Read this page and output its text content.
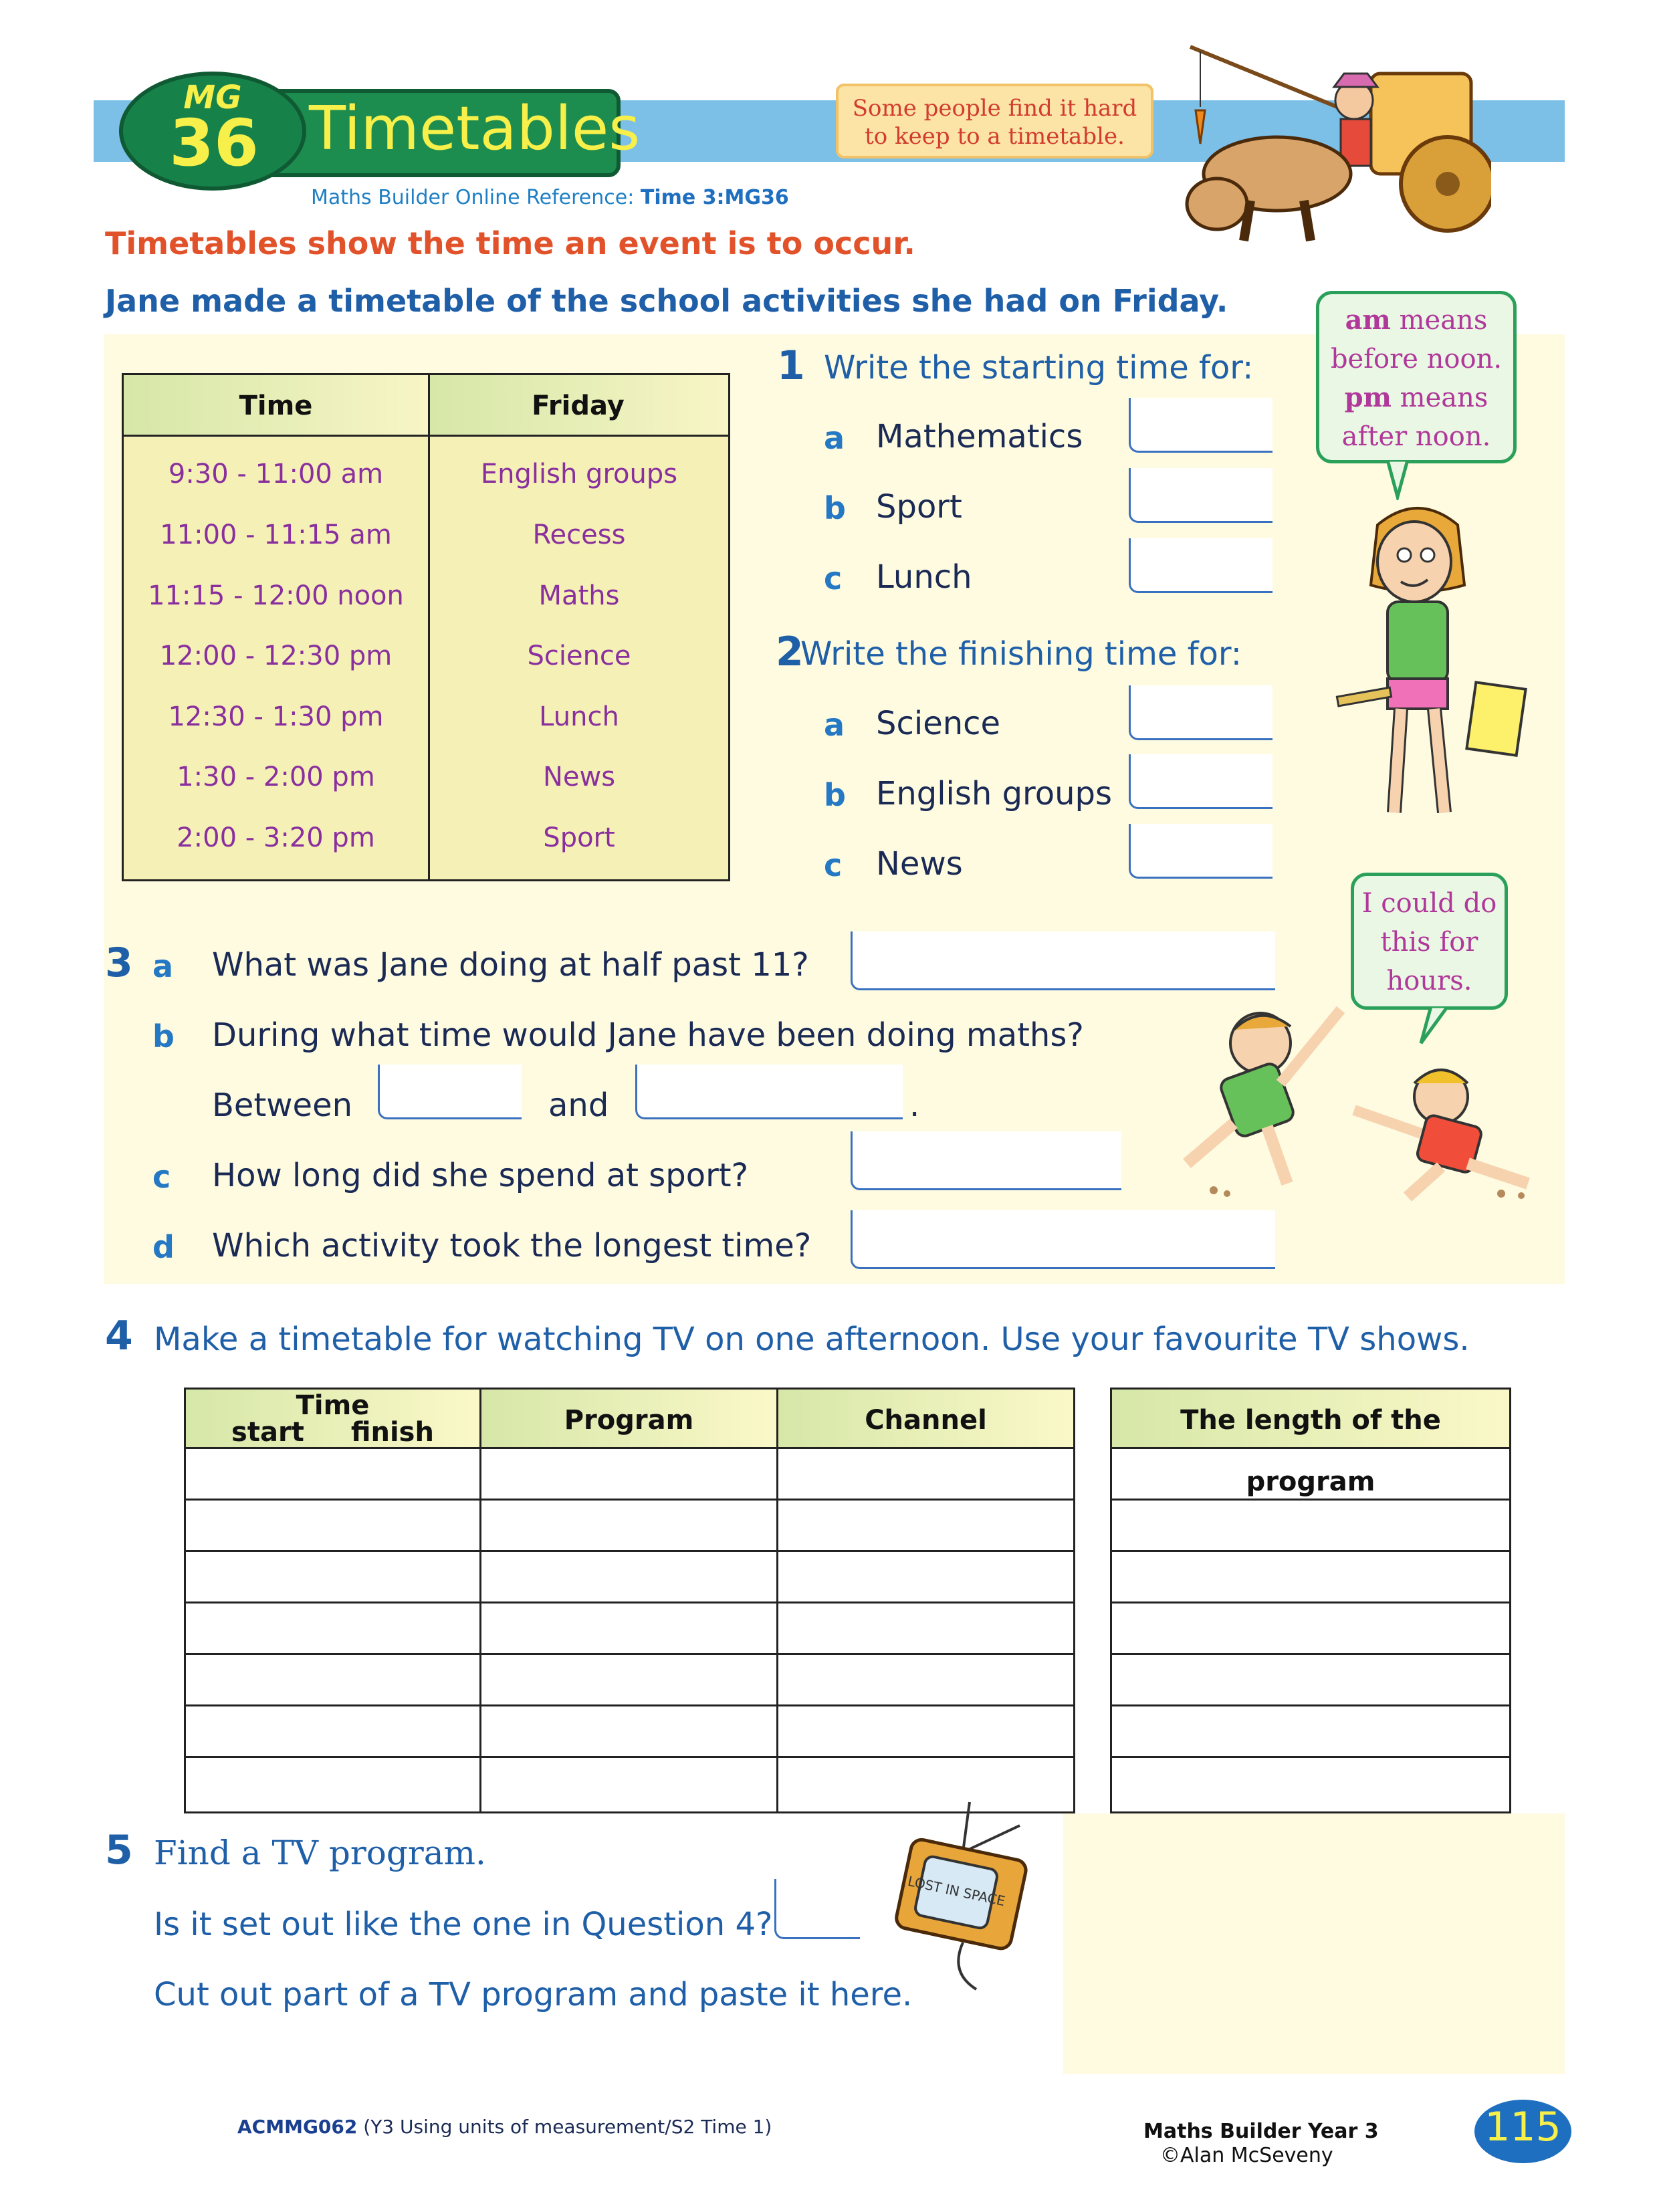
MG
36 Timetables
Maths Builder Online Reference: Time 3:MG36
Some people find it hard
to keep to a timetable.
Timetables show the time an event is to occur.
Jane made a timetable of the school activities she had on Friday.
Time	Friday
9:30 - 11:00 am	English groups
11:00 - 11:15 am	Recess
11:15 - 12:00 noon	Maths
12:00 - 12:30 pm	Science
12:30 - 1:30 pm	Lunch
1:30 - 2:00 pm	News
2:00 - 3:20 pm	Sport
1 Write the starting time for:
a Mathematics
b Sport
c Lunch
2
Write the finishing time for:
a Science
b English groups
c News
am means
before noon.
pm means
after noon.
3 a What was Jane doing at half past 11?
b During what time would Jane have been doing maths?
Between	and	.
c How long did she spend at sport?
d Which activity took the longest time?
I could do
this for
hours.
4 Make a timetable for watching TV on one afternoon. Use your favourite TV shows.
Time
start finish	Program	Channel	The length of the program
5 Find a TV program.
Is it set out like the one in Question 4?
Cut out part of a TV program and paste it here.
LOST IN SPACE
ACMMG062 (Y3 Using units of measurement/S2 Time 1)	Maths Builder Year 3
©Alan McSeveny
115
